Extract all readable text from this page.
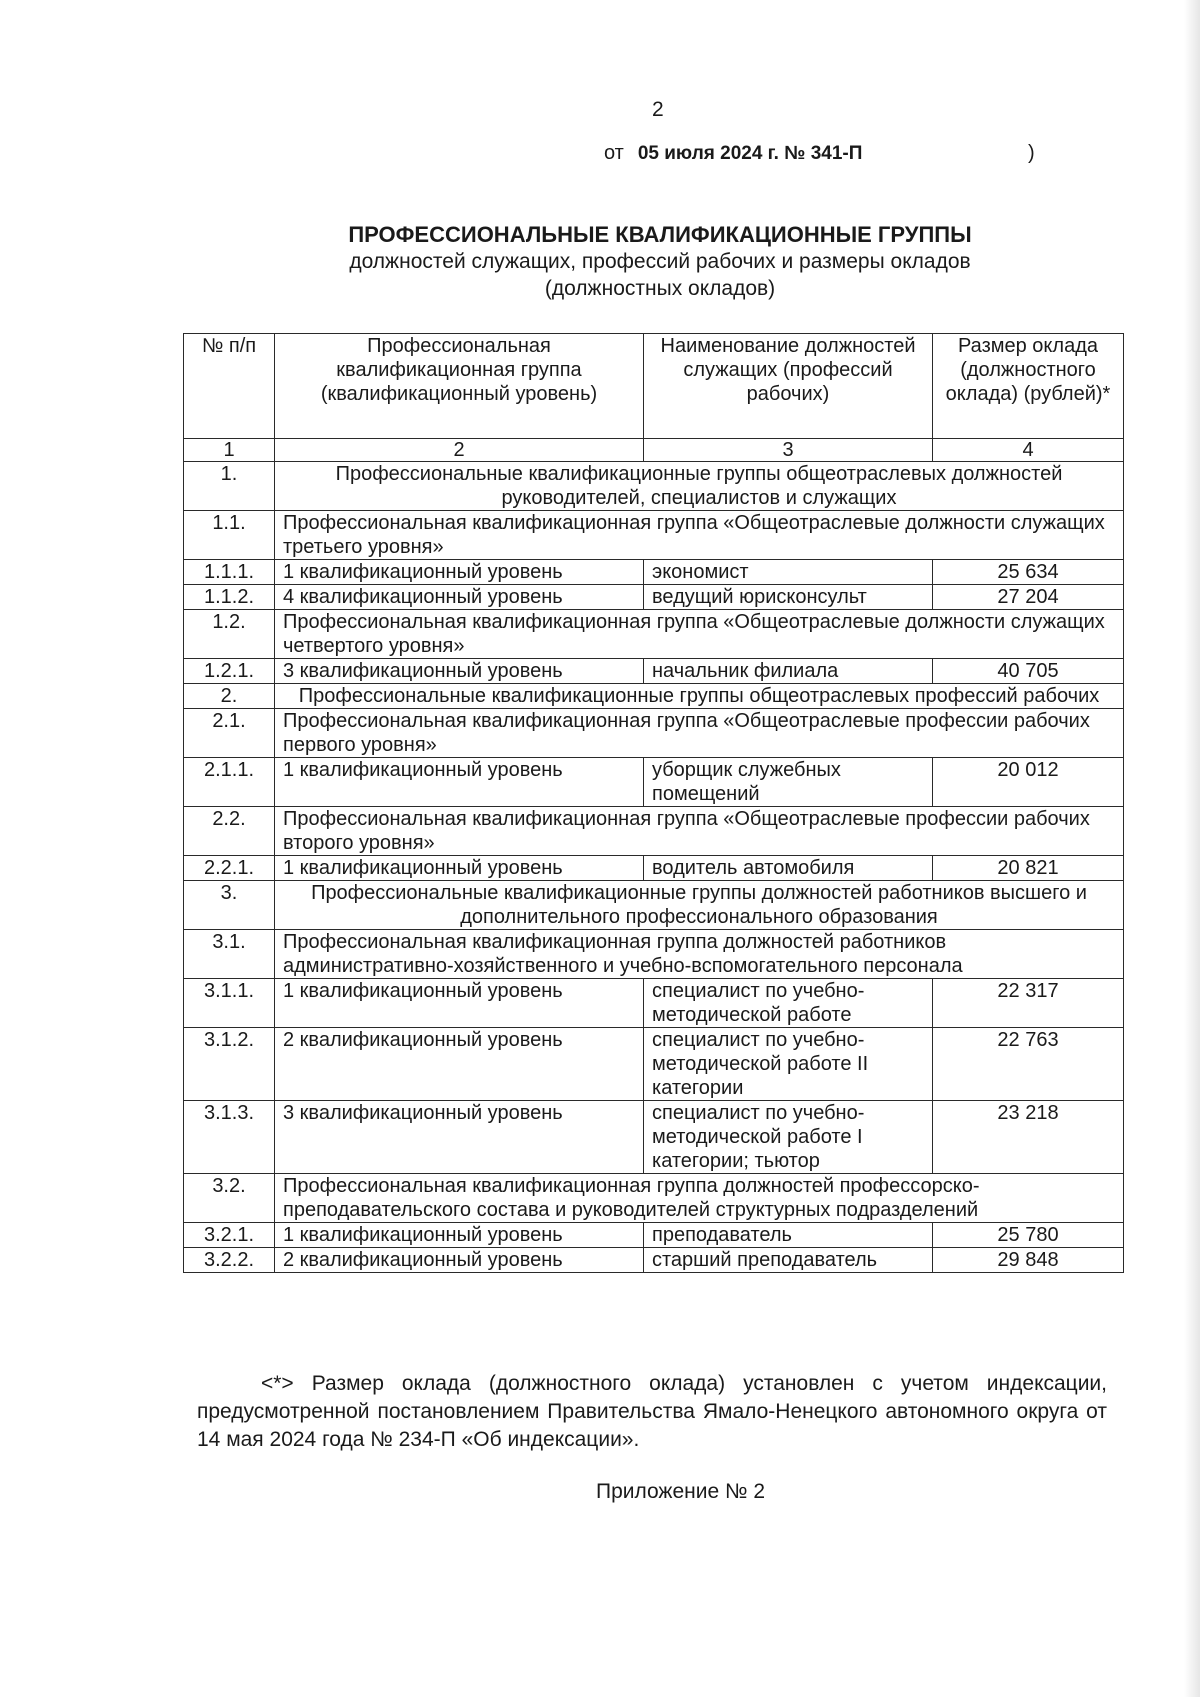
2
от 05 июля 2024 г. № 341-П	)
ПРОФЕССИОНАЛЬНЫЕ КВАЛИФИКАЦИОННЫЕ ГРУППЫ
должностей служащих, профессий рабочих и размеры окладов
(должностных окладов)
№ п/п	Профессиональная квалификационная группа (квалификационный уровень)	Наименование должностей служащих (профессий рабочих)	Размер оклада (должностного оклада) (рублей)*
1	2	3	4
1.	Профессиональные квалификационные группы общеотраслевых должностей руководителей, специалистов и служащих		
1.1.	Профессиональная квалификационная группа «Общеотраслевые должности служащих третьего уровня»		
1.1.1.	1 квалификационный уровень	экономист	25 634
1.1.2.	4 квалификационный уровень	ведущий юрисконсульт	27 204
1.2.	Профессиональная квалификационная группа «Общеотраслевые должности служащих четвертого уровня»		
1.2.1.	3 квалификационный уровень	начальник филиала	40 705
2.	Профессиональные квалификационные группы общеотраслевых профессий рабочих		
2.1.	Профессиональная квалификационная группа «Общеотраслевые профессии рабочих первого уровня»		
2.1.1.	1 квалификационный уровень	уборщик служебных помещений	20 012
2.2.	Профессиональная квалификационная группа «Общеотраслевые профессии рабочих второго уровня»		
2.2.1.	1 квалификационный уровень	водитель автомобиля	20 821
3.	Профессиональные квалификационные группы должностей работников высшего и дополнительного профессионального образования		
3.1.	Профессиональная квалификационная группа должностей работников административно-хозяйственного и учебно-вспомогательного персонала		
3.1.1.	1 квалификационный уровень	специалист по учебно-методической работе	22 317
3.1.2.	2 квалификационный уровень	специалист по учебно-методической работе II категории	22 763
3.1.3.	3 квалификационный уровень	специалист по учебно-методической работе I категории; тьютор	23 218
3.2.	Профессиональная квалификационная группа должностей профессорско-преподавательского состава и руководителей структурных подразделений		
3.2.1.	1 квалификационный уровень	преподаватель	25 780
3.2.2.	2 квалификационный уровень	старший преподаватель	29 848
<*> Размер оклада (должностного оклада) установлен с учетом индексации, предусмотренной постановлением Правительства Ямало-Ненецкого автономного округа от 14 мая 2024 года № 234-П «Об индексации».
Приложение № 2
